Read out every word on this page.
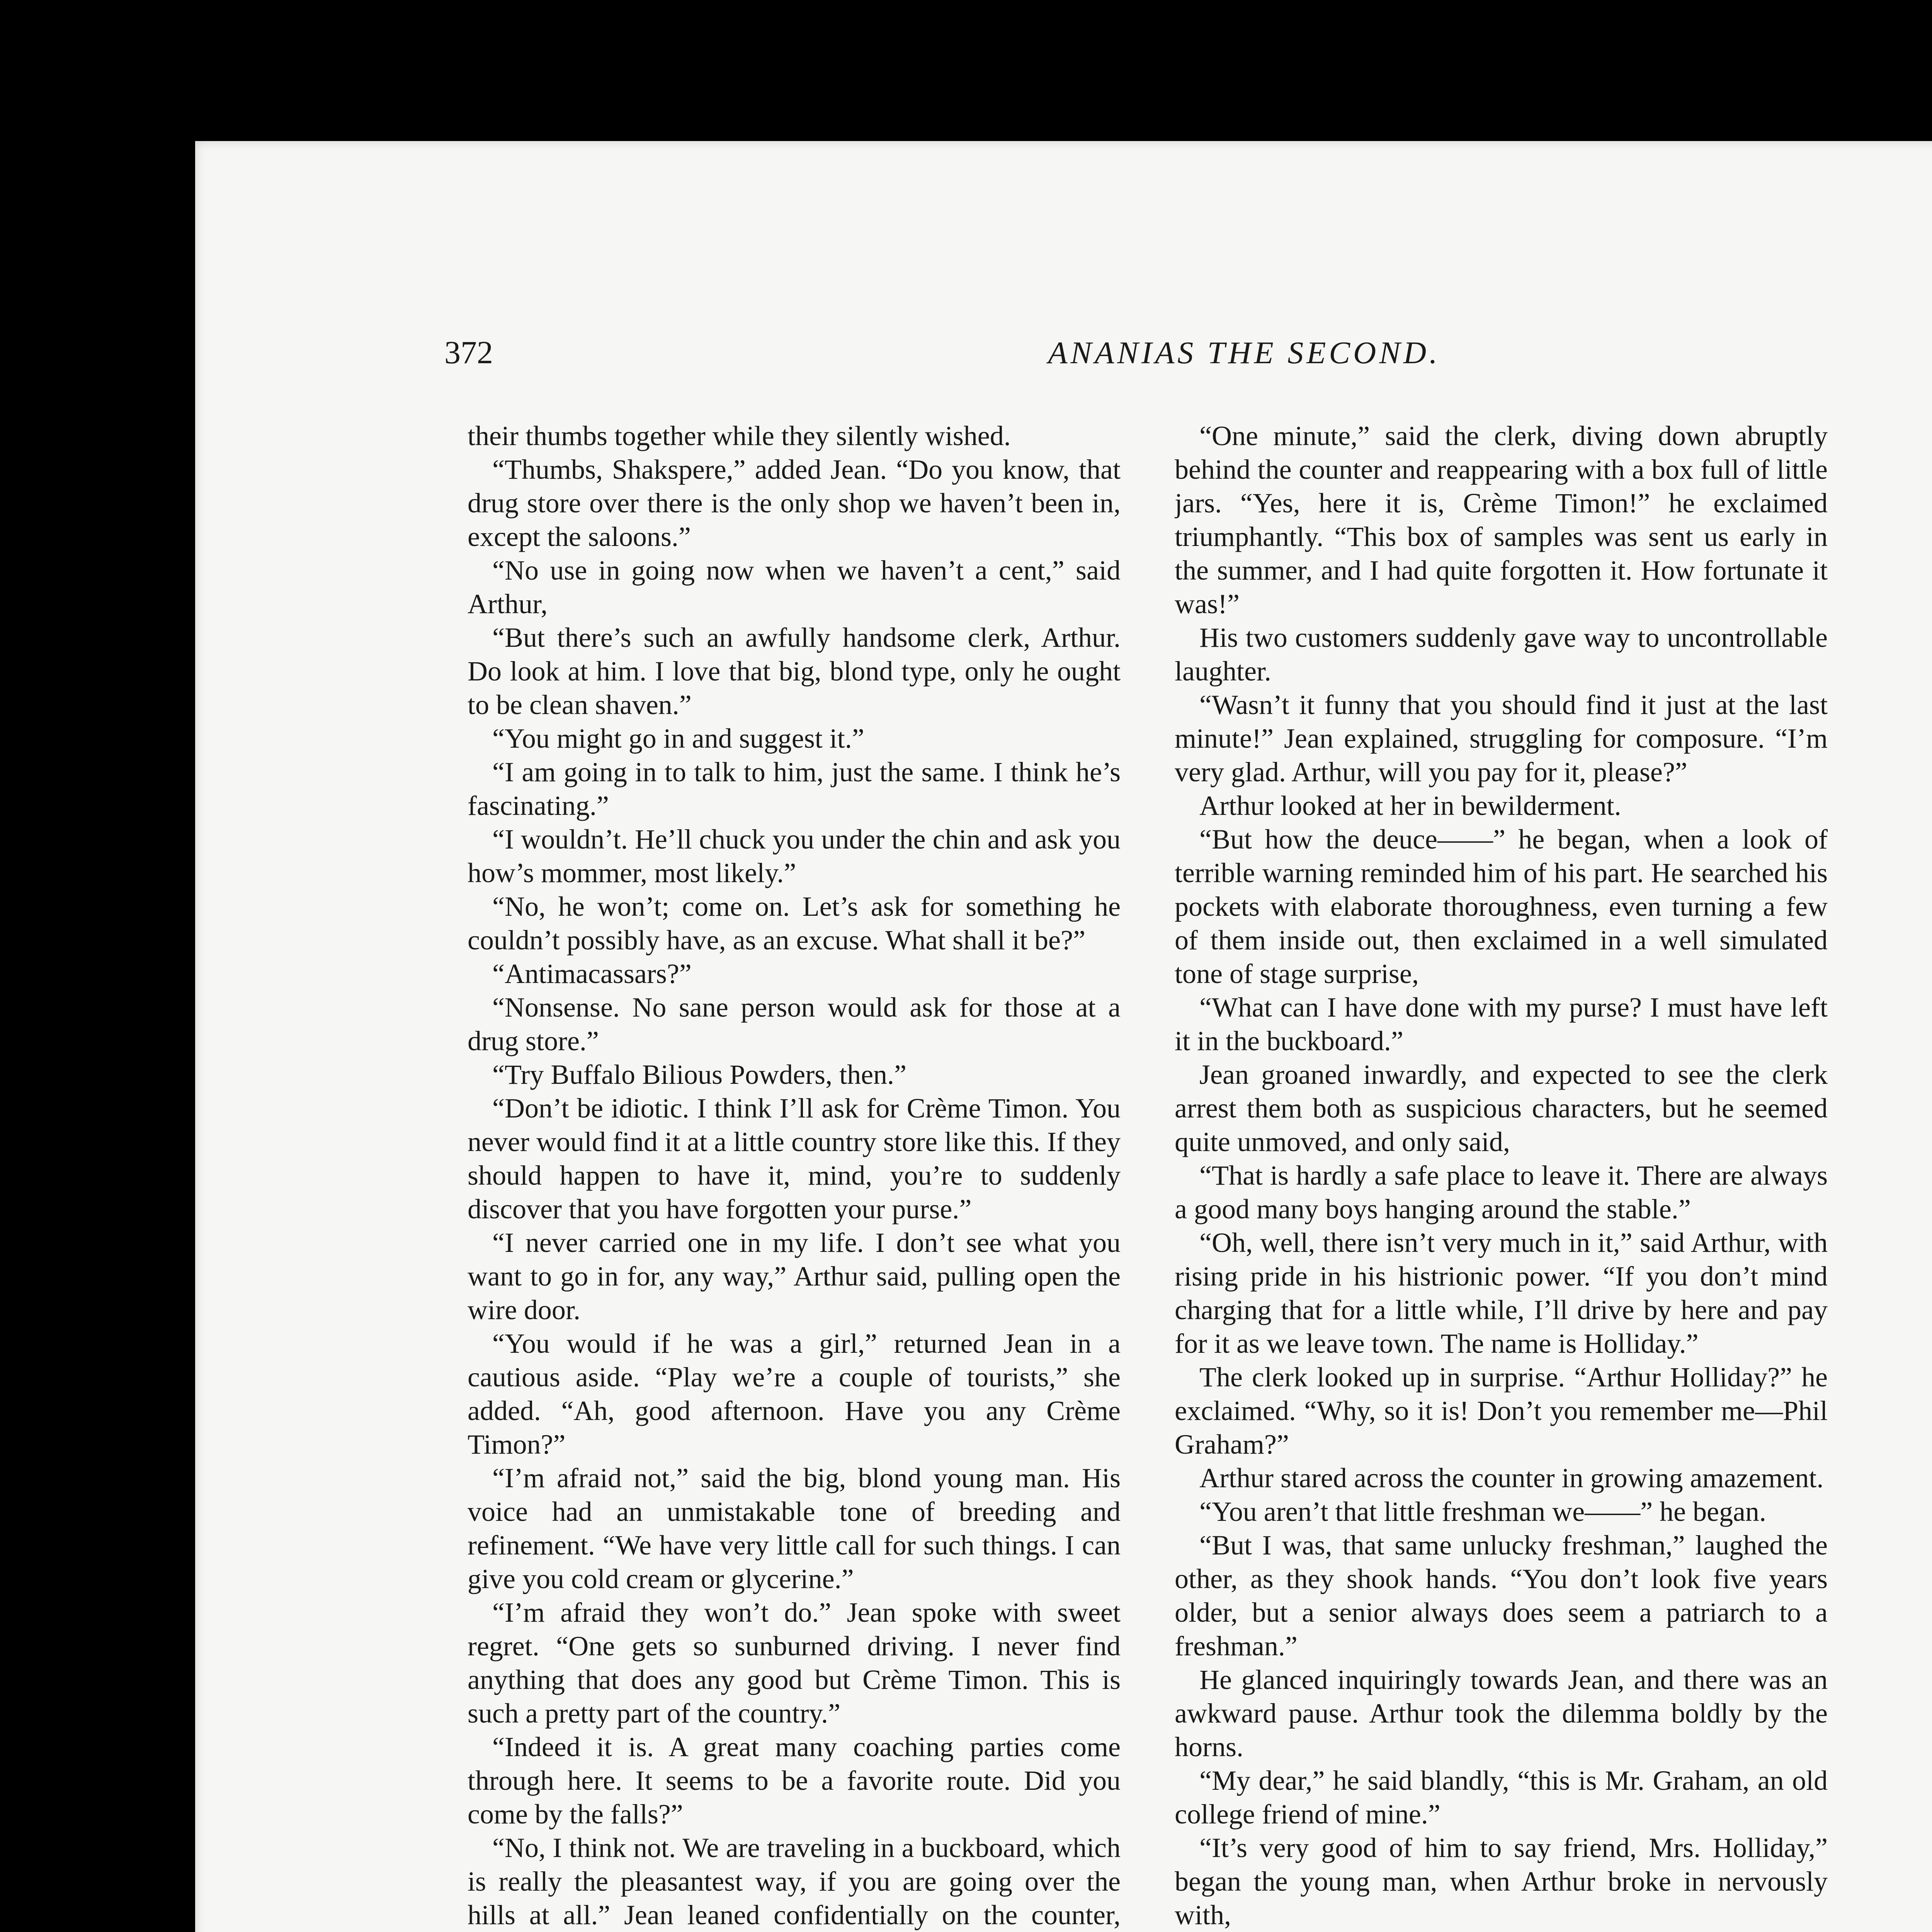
372	ANANIAS THE SECOND.

their thumbs together while they silently wished.

“Thumbs, Shakspere,” added Jean. “Do you know, that drug store over there is the only shop we haven’t been in, except the saloons.”

“No use in going now when we haven’t a cent,” said Arthur,

“But there’s such an awfully handsome clerk, Arthur. Do look at him. I love that big, blond type, only he ought to be clean shaven.”

“You might go in and suggest it.”

“I am going in to talk to him, just the same. I think he’s fascinating.”

“I wouldn’t. He’ll chuck you under the chin and ask you how’s mommer, most likely.”

“No, he won’t; come on. Let’s ask for something he couldn’t possibly have, as an excuse. What shall it be?”

“Antimacassars?”

“Nonsense. No sane person would ask for those at a drug store.”

“Try Buffalo Bilious Powders, then.”

“Don’t be idiotic. I think I’ll ask for Crème Timon. You never would find it at a little country store like this. If they should happen to have it, mind, you’re to suddenly discover that you have forgotten your purse.”

“I never carried one in my life. I don’t see what you want to go in for, any way,” Arthur said, pulling open the wire door.

“You would if he was a girl,” returned Jean in a cautious aside. “Play we’re a couple of tourists,” she added. “Ah, good afternoon. Have you any Crème Timon?”

“I’m afraid not,” said the big, blond young man. His voice had an unmistakable tone of breeding and refinement. “We have very little call for such things. I can give you cold cream or glycerine.”

“I’m afraid they won’t do.” Jean spoke with sweet regret. “One gets so sunburned driving. I never find anything that does any good but Crème Timon. This is such a pretty part of the country.”

“Indeed it is. A great many coaching parties come through here. It seems to be a favorite route. Did you come by the falls?”

“No, I think not. We are traveling in a buckboard, which is really the pleasantest way, if you are going over the hills at all.” Jean leaned confidentially on the counter,

“One minute,” said the clerk, diving down abruptly behind the counter and reappearing with a box full of little jars. “Yes, here it is, Crème Timon!” he exclaimed triumphantly. “This box of samples was sent us early in the summer, and I had quite forgotten it. How fortunate it was!”

His two customers suddenly gave way to uncontrollable laughter.

“Wasn’t it funny that you should find it just at the last minute!” Jean explained, struggling for composure. “I’m very glad. Arthur, will you pay for it, please?”

Arthur looked at her in bewilderment.

“But how the deuce——” he began, when a look of terrible warning reminded him of his part. He searched his pockets with elaborate thoroughness, even turning a few of them inside out, then exclaimed in a well simulated tone of stage surprise,

“What can I have done with my purse? I must have left it in the buckboard.”

Jean groaned inwardly, and expected to see the clerk arrest them both as suspicious characters, but he seemed quite unmoved, and only said,

“That is hardly a safe place to leave it. There are always a good many boys hanging around the stable.”

“Oh, well, there isn’t very much in it,” said Arthur, with rising pride in his histrionic power. “If you don’t mind charging that for a little while, I’ll drive by here and pay for it as we leave town. The name is Holliday.”

The clerk looked up in surprise. “Arthur Holliday?” he exclaimed. “Why, so it is! Don’t you remember me—Phil Graham?”

Arthur stared across the counter in growing amazement.

“You aren’t that little freshman we——” he began.

“But I was, that same unlucky freshman,” laughed the other, as they shook hands. “You don’t look five years older, but a senior always does seem a patriarch to a freshman.”

He glanced inquiringly towards Jean, and there was an awkward pause. Arthur took the dilemma boldly by the horns.

“My dear,” he said blandly, “this is Mr. Graham, an old college friend of mine.”

“It’s very good of him to say friend, Mrs. Holliday,” began the young man, when Arthur broke in nervously with,
